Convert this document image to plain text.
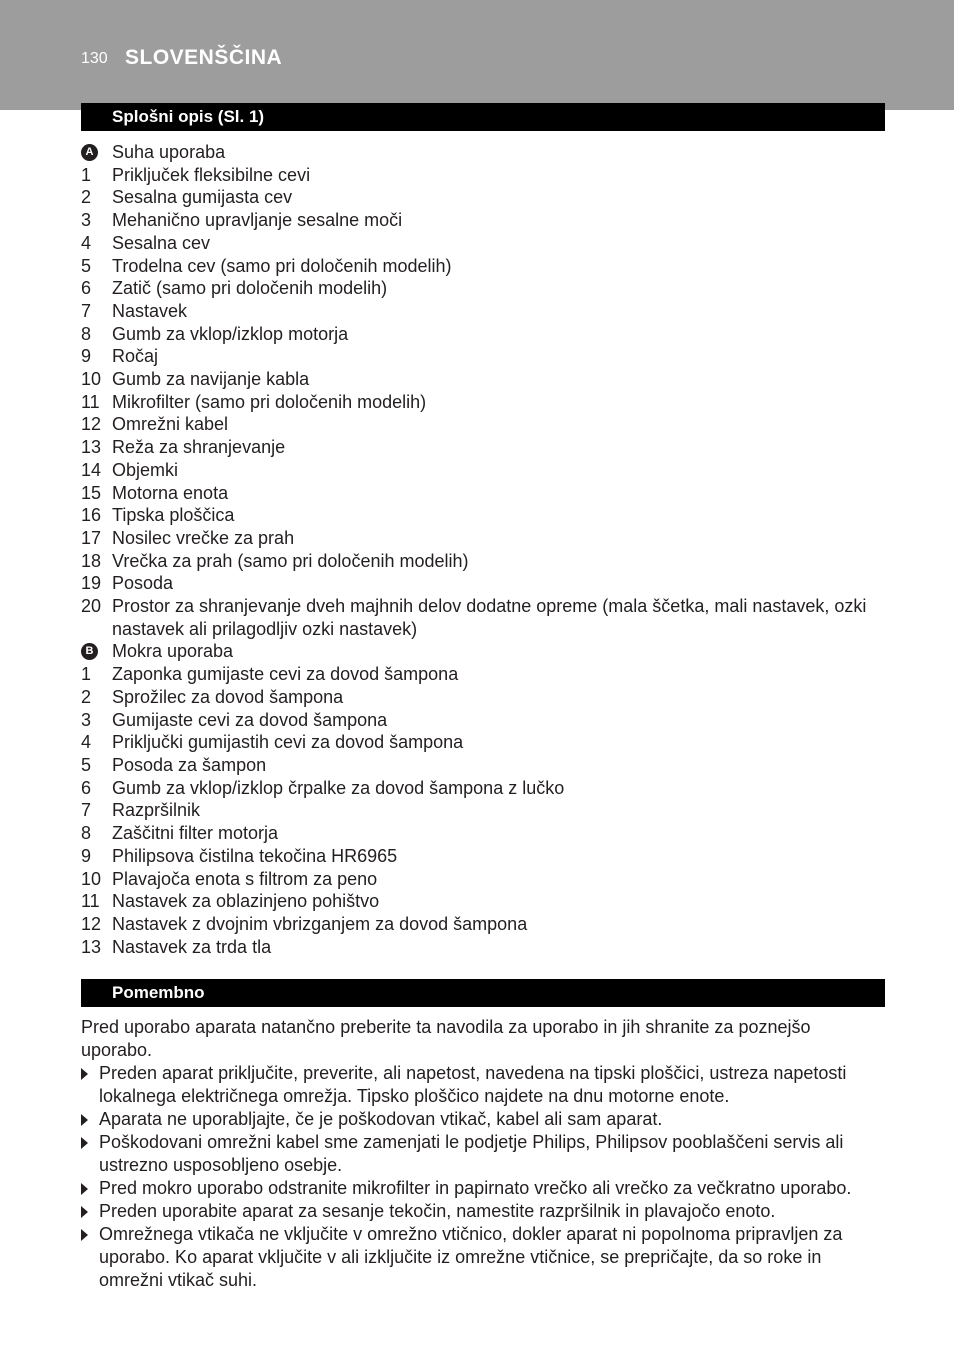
130 SLOVENŠČINA
Splošni opis (Sl. 1)
A Suha uporaba
1 Priključek fleksibilne cevi
2 Sesalna gumijasta cev
3 Mehanično upravljanje sesalne moči
4 Sesalna cev
5 Trodelna cev (samo pri določenih modelih)
6 Zatič (samo pri določenih modelih)
7 Nastavek
8 Gumb za vklop/izklop motorja
9 Ročaj
10 Gumb za navijanje kabla
11 Mikrofilter (samo pri določenih modelih)
12 Omrežni kabel
13 Reža za shranjevanje
14 Objemki
15 Motorna enota
16 Tipska ploščica
17 Nosilec vrečke za prah
18 Vrečka za prah (samo pri določenih modelih)
19 Posoda
20 Prostor za shranjevanje dveh majhnih delov dodatne opreme (mala ščetka, mali nastavek, ozki nastavek ali prilagodljiv ozki nastavek)
B Mokra uporaba
1 Zaponka gumijaste cevi za dovod šampona
2 Sprožilec za dovod šampona
3 Gumijaste cevi za dovod šampona
4 Priključki gumijastih cevi za dovod šampona
5 Posoda za šampon
6 Gumb za vklop/izklop črpalke za dovod šampona z lučko
7 Razpršilnik
8 Zaščitni filter motorja
9 Philipsova čistilna tekočina HR6965
10 Plavajoča enota s filtrom za peno
11 Nastavek za oblazinjeno pohištvo
12 Nastavek z dvojnim vbrizganjem za dovod šampona
13 Nastavek za trda tla
Pomembno
Pred uporabo aparata natančno preberite ta navodila za uporabo in jih shranite za poznejšo uporabo.
Preden aparat priključite, preverite, ali napetost, navedena na tipski ploščici, ustreza napetosti lokalnega električnega omrežja. Tipsko ploščico najdete na dnu motorne enote.
Aparata ne uporabljajte, če je poškodovan vtikač, kabel ali sam aparat.
Poškodovani omrežni kabel sme zamenjati le podjetje Philips, Philipsov pooblaščeni servis ali ustrezno usposobljeno osebje.
Pred mokro uporabo odstranite mikrofilter in papirnato vrečko ali vrečko za večkratno uporabo.
Preden uporabite aparat za sesanje tekočin, namestite razpršilnik in plavajočo enoto.
Omrežnega vtikača ne vključite v omrežno vtičnico, dokler aparat ni popolnoma pripravljen za uporabo. Ko aparat vključite v ali izključite iz omrežne vtičnice, se prepričajte, da so roke in omrežni vtikač suhi.
